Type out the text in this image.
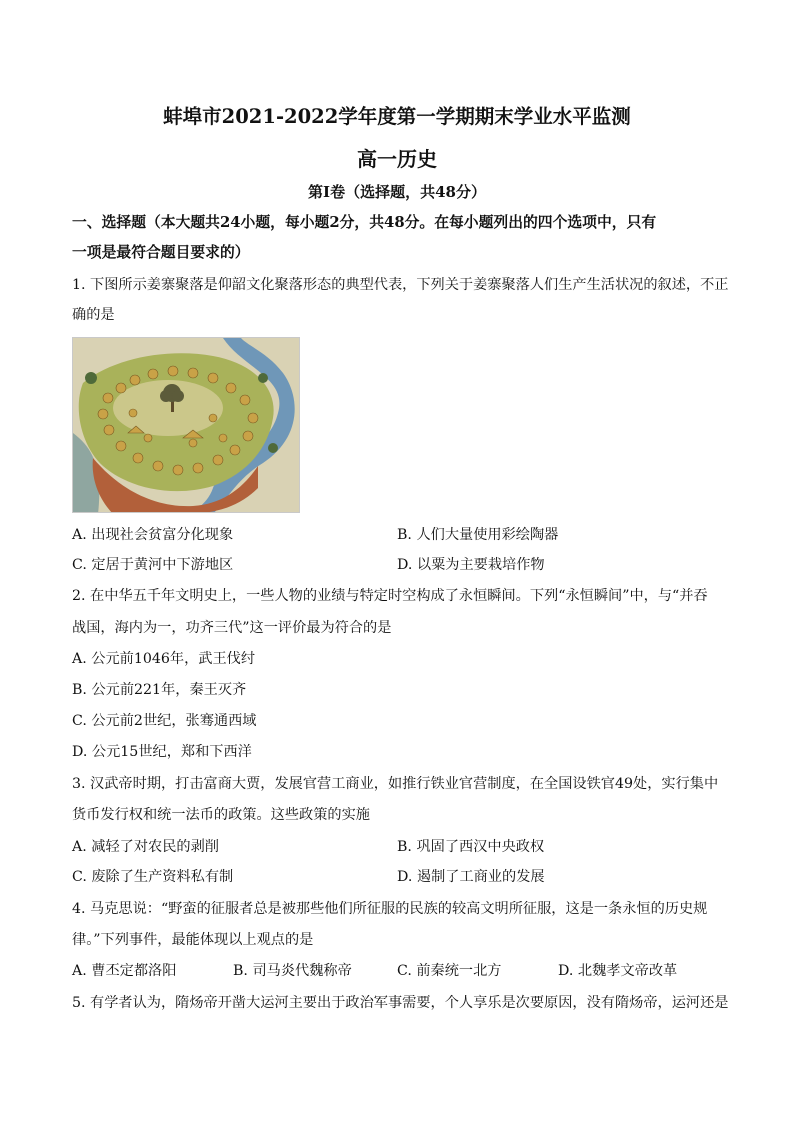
蚌埠市2021-2022学年度第一学期期末学业水平监测
高一历史
第I卷（选择题，共48分）
一、选择题（本大题共24小题，每小题2分，共48分。在每小题列出的四个选项中，只有
一项是最符合题目要求的）
1. 下图所示姜寨聚落是仰韶文化聚落形态的典型代表，下列关于姜寨聚落人们生产生活状况的叙述，不正
确的是
A. 出现社会贫富分化现象	B. 人们大量使用彩绘陶器
C. 定居于黄河中下游地区	D. 以粟为主要栽培作物
2. 在中华五千年文明史上，一些人物的业绩与特定时空构成了永恒瞬间。下列“永恒瞬间”中，与“并吞
战国，海内为一，功齐三代”这一评价最为符合的是
A. 公元前1046年，武王伐纣
B. 公元前221年，秦王灭齐
C. 公元前2世纪，张骞通西域
D. 公元15世纪，郑和下西洋
3. 汉武帝时期，打击富商大贾，发展官营工商业，如推行铁业官营制度，在全国设铁官49处，实行集中
货币发行权和统一法币的政策。这些政策的实施
A. 减轻了对农民的剥削	B. 巩固了西汉中央政权
C. 废除了生产资料私有制	D. 遏制了工商业的发展
4. 马克思说：“野蛮的征服者总是被那些他们所征服的民族的较高文明所征服，这是一条永恒的历史规
律。”下列事件，最能体现以上观点的是
A. 曹丕定都洛阳	B. 司马炎代魏称帝	C. 前秦统一北方	D. 北魏孝文帝改革
5. 有学者认为，隋炀帝开凿大运河主要出于政治军事需要，个人享乐是次要原因，没有隋炀帝，运河还是
